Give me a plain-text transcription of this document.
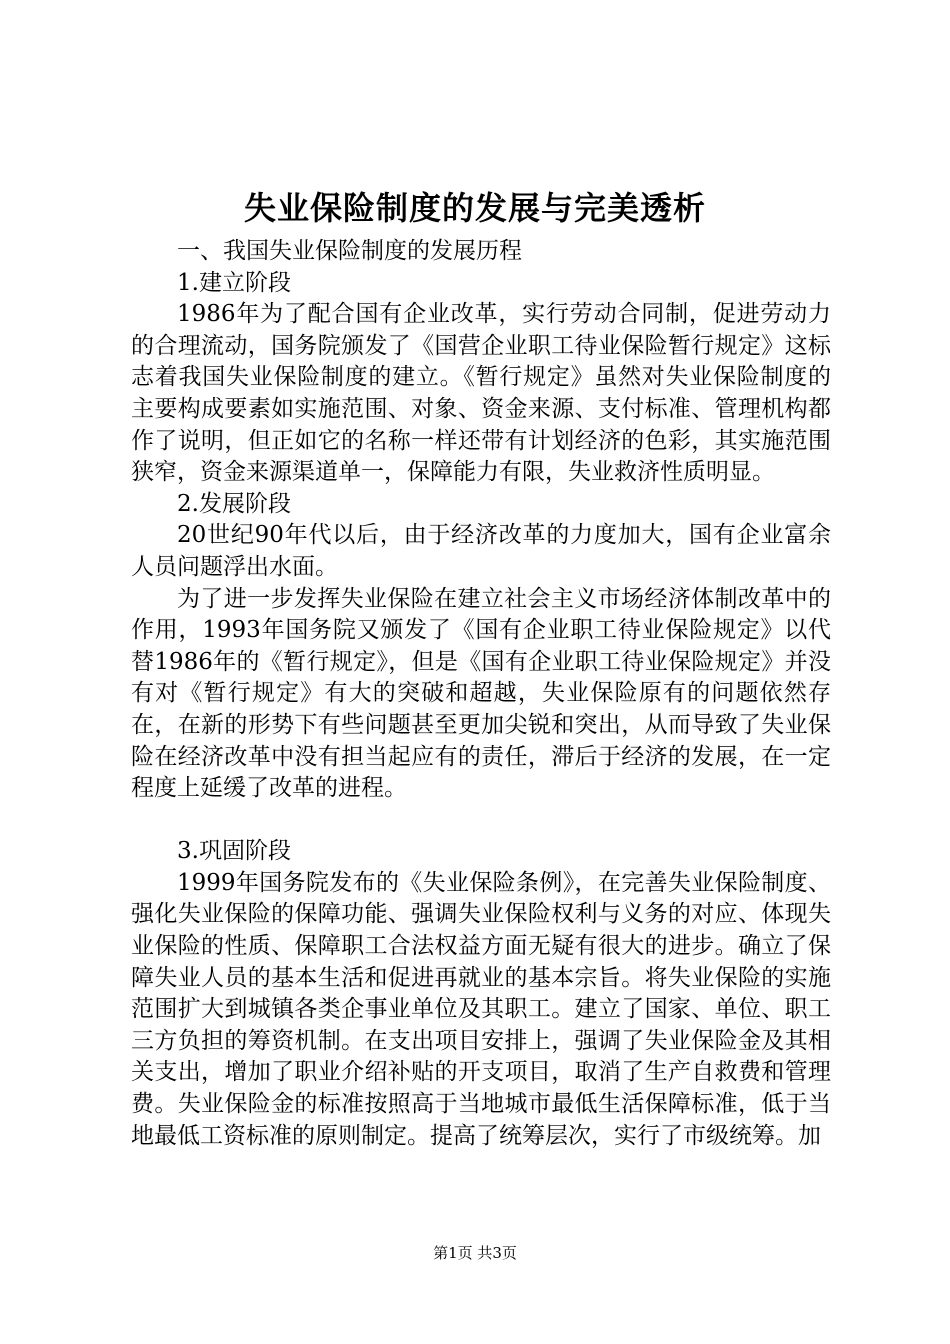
失业保险制度的发展与完美透析

一、我国失业保险制度的发展历程

1.建立阶段

1986年为了配合国有企业改革，实行劳动合同制，促进劳动力的合理流动，国务院颁发了《国营企业职工待业保险暂行规定》这标志着我国失业保险制度的建立。《暂行规定》虽然对失业保险制度的主要构成要素如实施范围、对象、资金来源、支付标准、管理机构都作了说明，但正如它的名称一样还带有计划经济的色彩，其实施范围狭窄，资金来源渠道单一，保障能力有限，失业救济性质明显。

2.发展阶段

20世纪90年代以后，由于经济改革的力度加大，国有企业富余人员问题浮出水面。

为了进一步发挥失业保险在建立社会主义市场经济体制改革中的作用，1993年国务院又颁发了《国有企业职工待业保险规定》以代替1986年的《暂行规定》，但是《国有企业职工待业保险规定》并没有对《暂行规定》有大的突破和超越，失业保险原有的问题依然存在，在新的形势下有些问题甚至更加尖锐和突出，从而导致了失业保险在经济改革中没有担当起应有的责任，滞后于经济的发展，在一定程度上延缓了改革的进程。

3.巩固阶段

1999年国务院发布的《失业保险条例》，在完善失业保险制度、强化失业保险的保障功能、强调失业保险权利与义务的对应、体现失业保险的性质、保障职工合法权益方面无疑有很大的进步。确立了保障失业人员的基本生活和促进再就业的基本宗旨。将失业保险的实施范围扩大到城镇各类企事业单位及其职工。建立了国家、单位、职工三方负担的筹资机制。在支出项目安排上，强调了失业保险金及其相关支出，增加了职业介绍补贴的开支项目，取消了生产自救费和管理费。失业保险金的标准按照高于当地城市最低生活保障标准，低于当地最低工资标准的原则制定。提高了统筹层次，实行了市级统筹。加

第1页 共3页
